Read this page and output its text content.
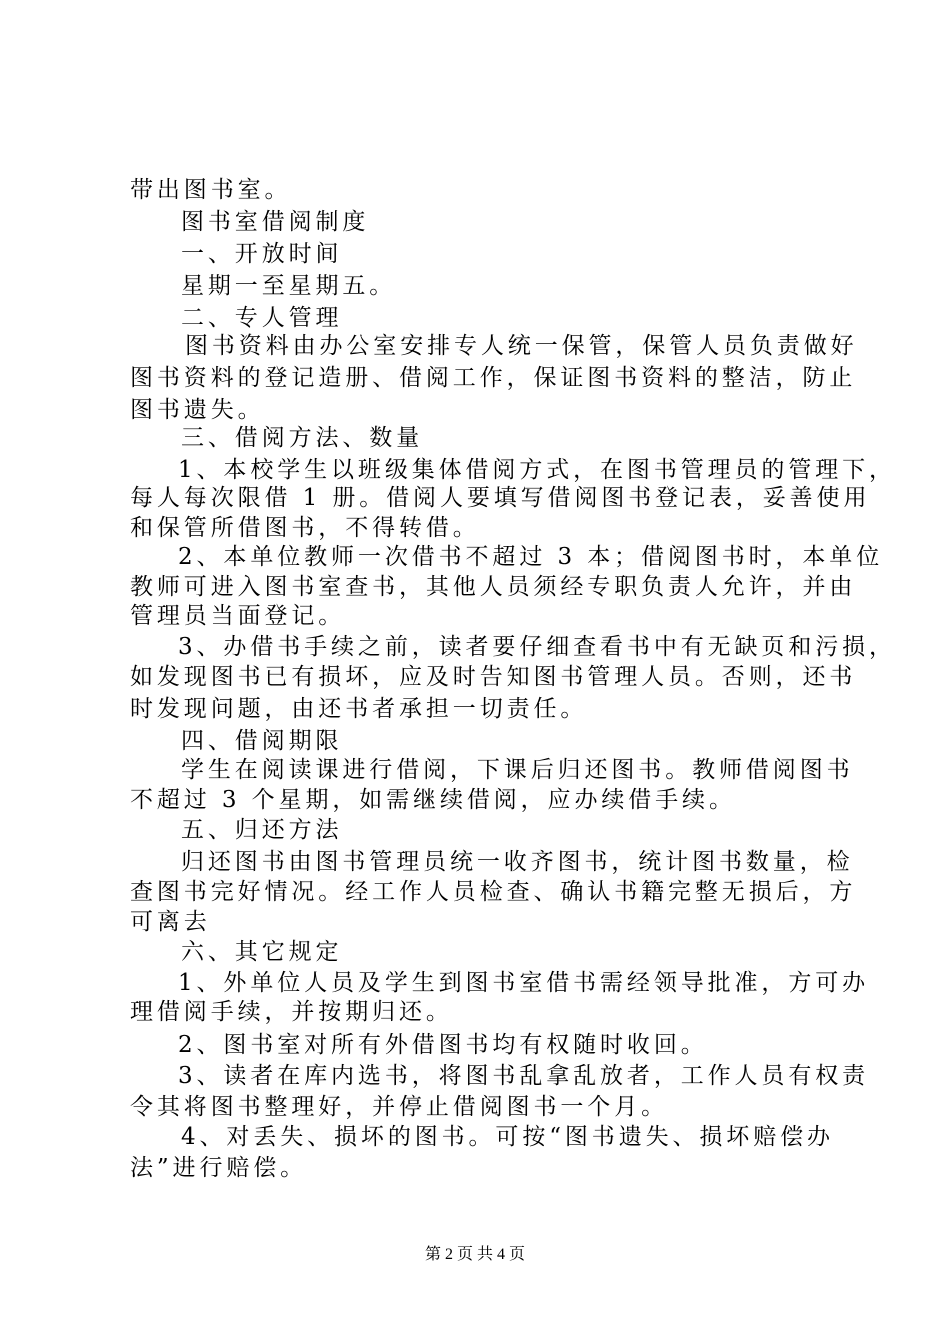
带出图书室。
图书室借阅制度
一、开放时间
星期一至星期五。
二、专人管理
图书资料由办公室安排专人统一保管，保管人员负责做好
图书资料的登记造册、借阅工作，保证图书资料的整洁，防止
图书遗失。
三、借阅方法、数量
1、本校学生以班级集体借阅方式，在图书管理员的管理下，
每人每次限借 1 册。借阅人要填写借阅图书登记表，妥善使用
和保管所借图书，不得转借。
2、本单位教师一次借书不超过 3 本；借阅图书时，本单位
教师可进入图书室查书，其他人员须经专职负责人允许，并由
管理员当面登记。
3、办借书手续之前，读者要仔细查看书中有无缺页和污损，
如发现图书已有损坏，应及时告知图书管理人员。否则，还书
时发现问题，由还书者承担一切责任。
四、借阅期限
学生在阅读课进行借阅，下课后归还图书。教师借阅图书
不超过 3 个星期，如需继续借阅，应办续借手续。
五、归还方法
归还图书由图书管理员统一收齐图书，统计图书数量，检
查图书完好情况。经工作人员检查、确认书籍完整无损后，方
可离去
六、其它规定
1、外单位人员及学生到图书室借书需经领导批准，方可办
理借阅手续，并按期归还。
2、图书室对所有外借图书均有权随时收回。
3、读者在库内选书，将图书乱拿乱放者，工作人员有权责
令其将图书整理好，并停止借阅图书一个月。
4、对丢失、损坏的图书。可按“图书遗失、损坏赔偿办
法”进行赔偿。
第 2 页 共 4 页
